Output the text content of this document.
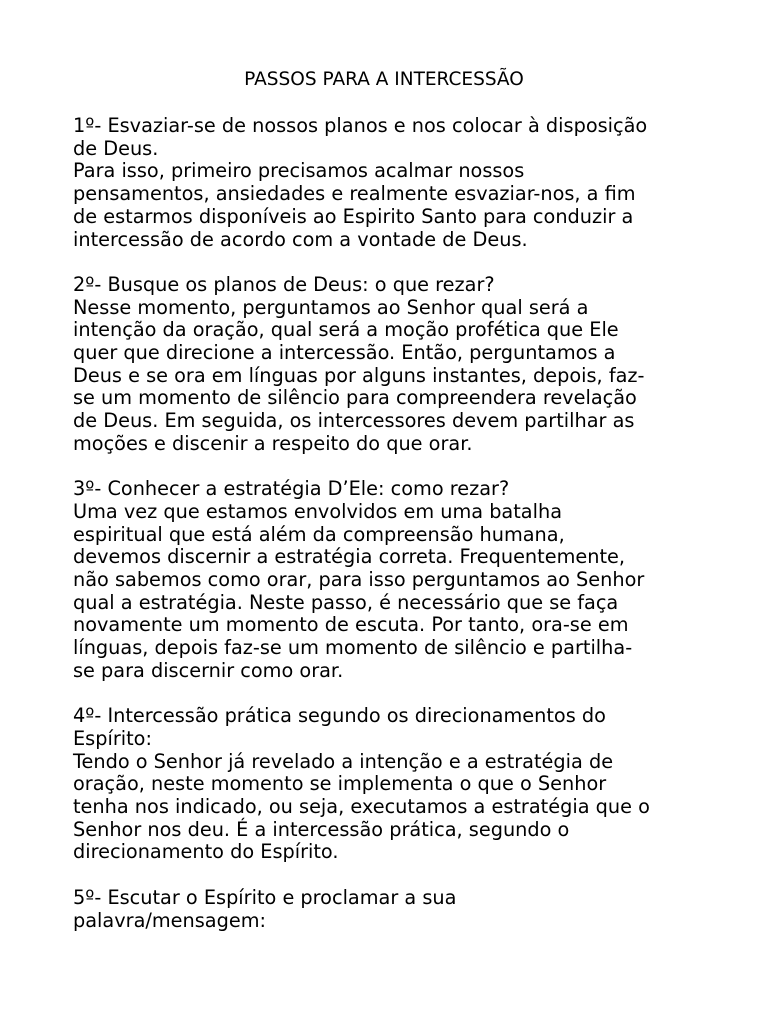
PASSOS PARA A INTERCESSÃO
1º- Esvaziar-se de nossos planos e nos colocar à disposição
de Deus.
Para isso, primeiro precisamos acalmar nossos
pensamentos, ansiedades e realmente esvaziar-nos, a fim
de estarmos disponíveis ao Espirito Santo para conduzir a
intercessão de acordo com a vontade de Deus.
2º- Busque os planos de Deus: o que rezar?
Nesse momento, perguntamos ao Senhor qual será a
intenção da oração, qual será a moção profética que Ele
quer que direcione a intercessão. Então, perguntamos a
Deus e se ora em línguas por alguns instantes, depois, faz-
se um momento de silêncio para compreendera revelação
de Deus. Em seguida, os intercessores devem partilhar as
moções e discenir a respeito do que orar.
3º- Conhecer a estratégia D’Ele: como rezar?
Uma vez que estamos envolvidos em uma batalha
espiritual que está além da compreensão humana,
devemos discernir a estratégia correta. Frequentemente,
não sabemos como orar, para isso perguntamos ao Senhor
qual a estratégia. Neste passo, é necessário que se faça
novamente um momento de escuta. Por tanto, ora-se em
línguas, depois faz-se um momento de silêncio e partilha-
se para discernir como orar.
4º- Intercessão prática segundo os direcionamentos do
Espírito:
Tendo o Senhor já revelado a intenção e a estratégia de
oração, neste momento se implementa o que o Senhor
tenha nos indicado, ou seja, executamos a estratégia que o
Senhor nos deu. É a intercessão prática, segundo o
direcionamento do Espírito.
5º- Escutar o Espírito e proclamar a sua
palavra/mensagem:
